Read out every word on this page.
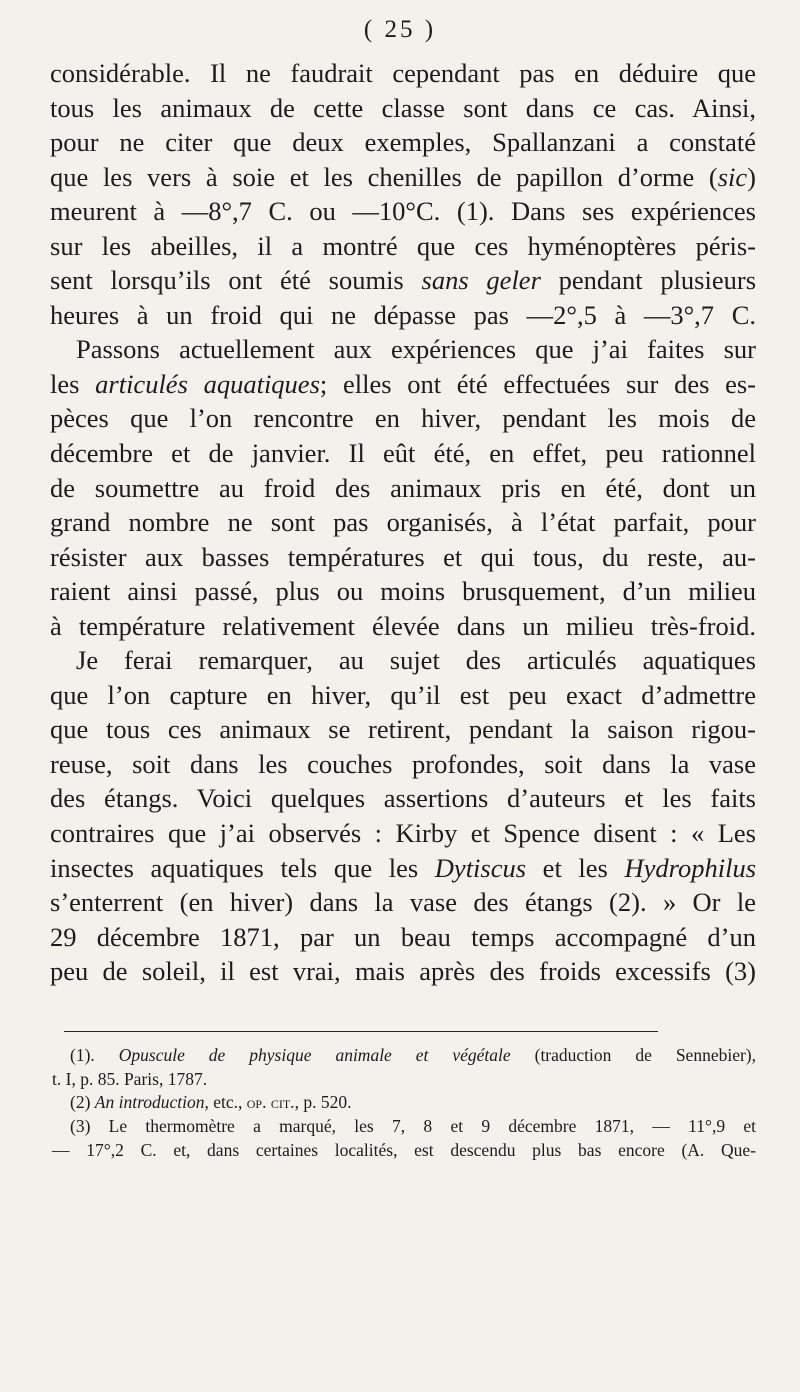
( 25 )
considérable. Il ne faudrait cependant pas en déduire que
tous les animaux de cette classe sont dans ce cas. Ainsi,
pour ne citer que deux exemples, Spallanzani a constaté
que les vers à soie et les chenilles de papillon d’orme (sic)
meurent à —8°,7 C. ou —10°C. (1). Dans ses expériences
sur les abeilles, il a montré que ces hyménoptères péris-
sent lorsqu’ils ont été soumis sans geler pendant plusieurs
heures à un froid qui ne dépasse pas —2°,5 à —3°,7 C.
Passons actuellement aux expériences que j’ai faites sur
les articulés aquatiques; elles ont été effectuées sur des es-
pèces que l’on rencontre en hiver, pendant les mois de
décembre et de janvier. Il eût été, en effet, peu rationnel
de soumettre au froid des animaux pris en été, dont un
grand nombre ne sont pas organisés, à l’état parfait, pour
résister aux basses températures et qui tous, du reste, au-
raient ainsi passé, plus ou moins brusquement, d’un milieu
à température relativement élevée dans un milieu très-froid.
Je ferai remarquer, au sujet des articulés aquatiques
que l’on capture en hiver, qu’il est peu exact d’admettre
que tous ces animaux se retirent, pendant la saison rigou-
reuse, soit dans les couches profondes, soit dans la vase
des étangs. Voici quelques assertions d’auteurs et les faits
contraires que j’ai observés : Kirby et Spence disent : « Les
insectes aquatiques tels que les Dytiscus et les Hydrophilus
s’enterrent (en hiver) dans la vase des étangs (2). » Or le
29 décembre 1871, par un beau temps accompagné d’un
peu de soleil, il est vrai, mais après des froids excessifs (3)
(1). Opuscule de physique animale et végétale (traduction de Sennebier),
t. I, p. 85. Paris, 1787.
(2) An introduction, etc., op. cit., p. 520.
(3) Le thermomètre a marqué, les 7, 8 et 9 décembre 1871, — 11°,9 et
— 17°,2 C. et, dans certaines localités, est descendu plus bas encore (A. Que-
